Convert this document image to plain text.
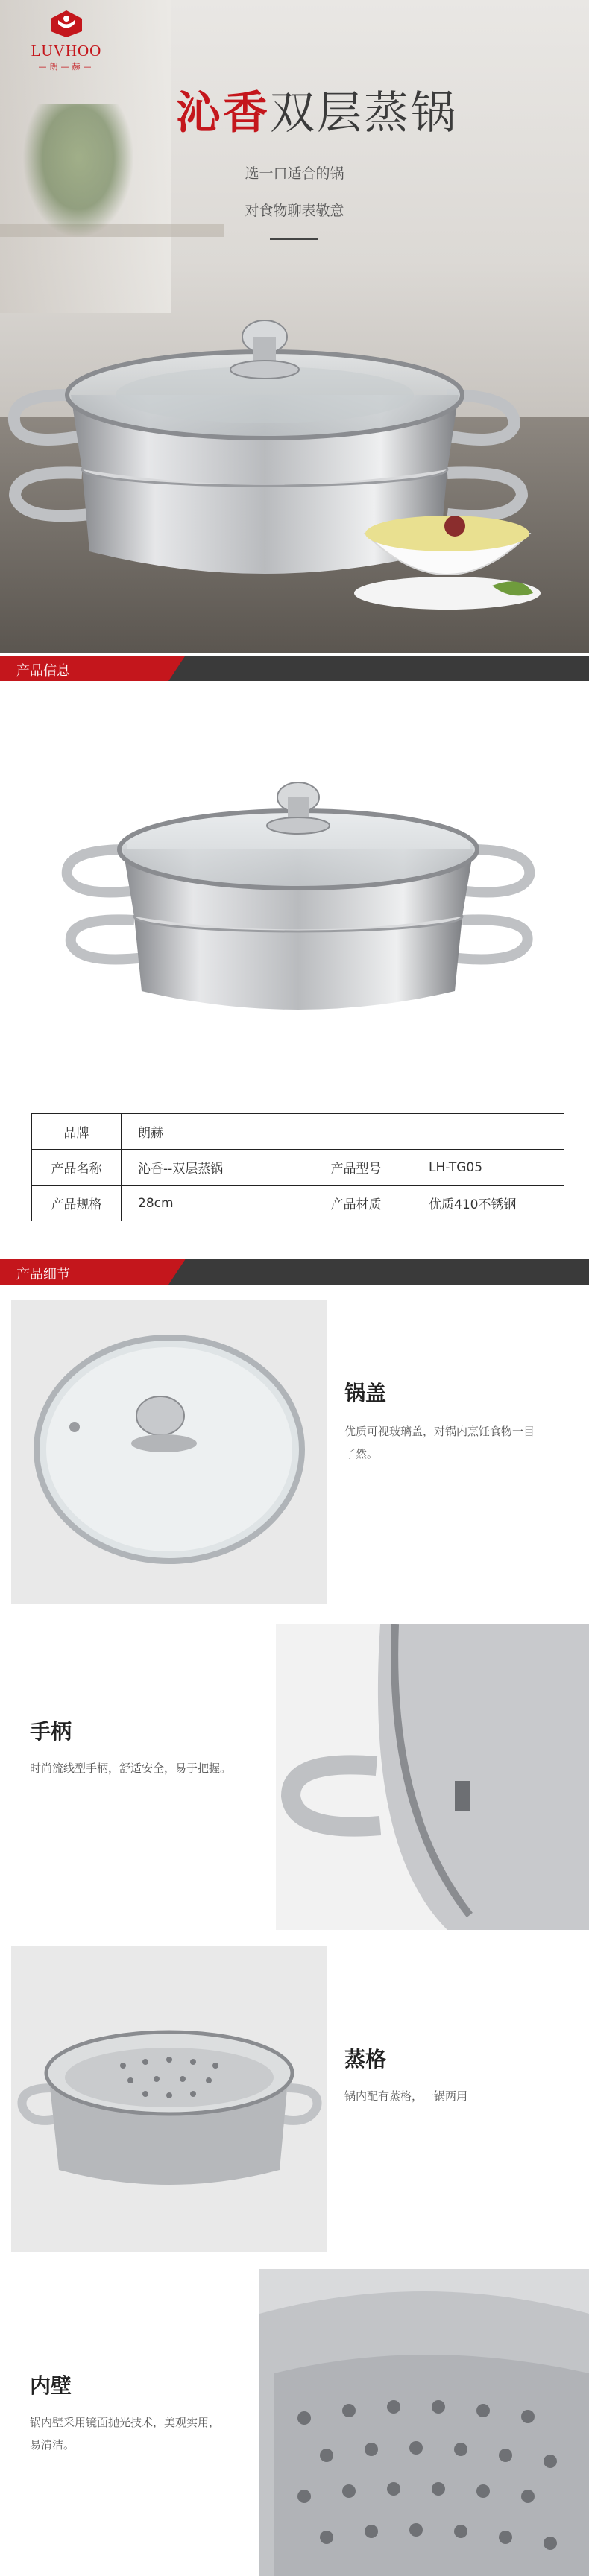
LUVHOO
—朗—赫—
沁香双层蒸锅
选一口适合的锅
对食物聊表敬意
产品信息
品牌	朗赫		
产品名称	沁香--双层蒸锅	产品型号	LH-TG05
产品规格	28cm	产品材质	优质410不锈钢
产品细节
锅盖
优质可视玻璃盖，对锅内烹饪食物一目
了然。
手柄
时尚流线型手柄，舒适安全，易于把握。
蒸格
锅内配有蒸格，一锅两用
内壁
锅内壁采用镜面抛光技术，美观实用，
易清洁。
